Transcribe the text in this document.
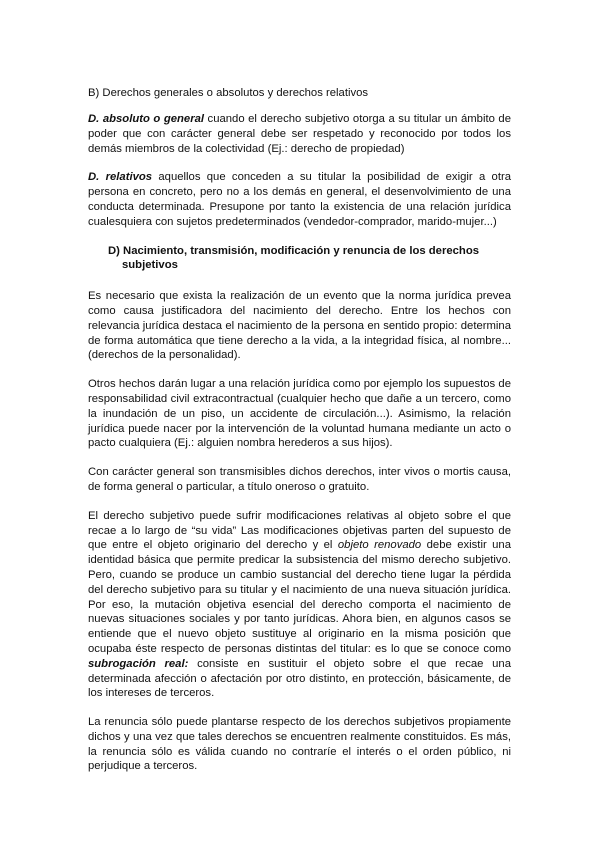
B) Derechos generales o absolutos y derechos relativos

D. absoluto o general cuando el derecho subjetivo otorga a su titular un ámbito de poder que con carácter general debe ser respetado y reconocido por todos los demás miembros de la colectividad (Ej.: derecho de propiedad)

D. relativos aquellos que conceden a su titular la posibilidad de exigir a otra persona en concreto, pero no a los demás en general, el desenvolvimiento de una conducta determinada. Presupone por tanto la existencia de una relación jurídica cualesquiera con sujetos predeterminados (vendedor-comprador, marido-mujer...)

D) Nacimiento, transmisión, modificación y renuncia de los derechos subjetivos

Es necesario que exista la realización de un evento que la norma jurídica prevea como causa justificadora del nacimiento del derecho. Entre los hechos con relevancia jurídica destaca el nacimiento de la persona en sentido propio: determina de forma automática que tiene derecho a la vida, a la integridad física, al nombre... (derechos de la personalidad).

Otros hechos darán lugar a una relación jurídica como por ejemplo los supuestos de responsabilidad civil extracontractual (cualquier hecho que dañe a un tercero, como la inundación de un piso, un accidente de circulación...). Asimismo, la relación jurídica puede nacer por la intervención de la voluntad humana mediante un acto o pacto cualquiera (Ej.: alguien nombra herederos a sus hijos).

Con carácter general son transmisibles dichos derechos, inter vivos o mortis causa, de forma general o particular, a título oneroso o gratuito.

El derecho subjetivo puede sufrir modificaciones relativas al objeto sobre el que recae a lo largo de “su vida” Las modificaciones objetivas parten del supuesto de que entre el objeto originario del derecho y el objeto renovado debe existir una identidad básica que permite predicar la subsistencia del mismo derecho subjetivo. Pero, cuando se produce un cambio sustancial del derecho tiene lugar la pérdida del derecho subjetivo para su titular y el nacimiento de una nueva situación jurídica. Por eso, la mutación objetiva esencial del derecho comporta el nacimiento de nuevas situaciones sociales y por tanto jurídicas. Ahora bien, en algunos casos se entiende que el nuevo objeto sustituye al originario en la misma posición que ocupaba éste respecto de personas distintas del titular: es lo que se conoce como subrogación real: consiste en sustituir el objeto sobre el que recae una determinada afección o afectación por otro distinto, en protección, básicamente, de los intereses de terceros.

La renuncia sólo puede plantarse respecto de los derechos subjetivos propiamente dichos y una vez que tales derechos se encuentren realmente constituidos. Es más, la renuncia sólo es válida cuando no contraríe el interés o el orden público, ni perjudique a terceros.
